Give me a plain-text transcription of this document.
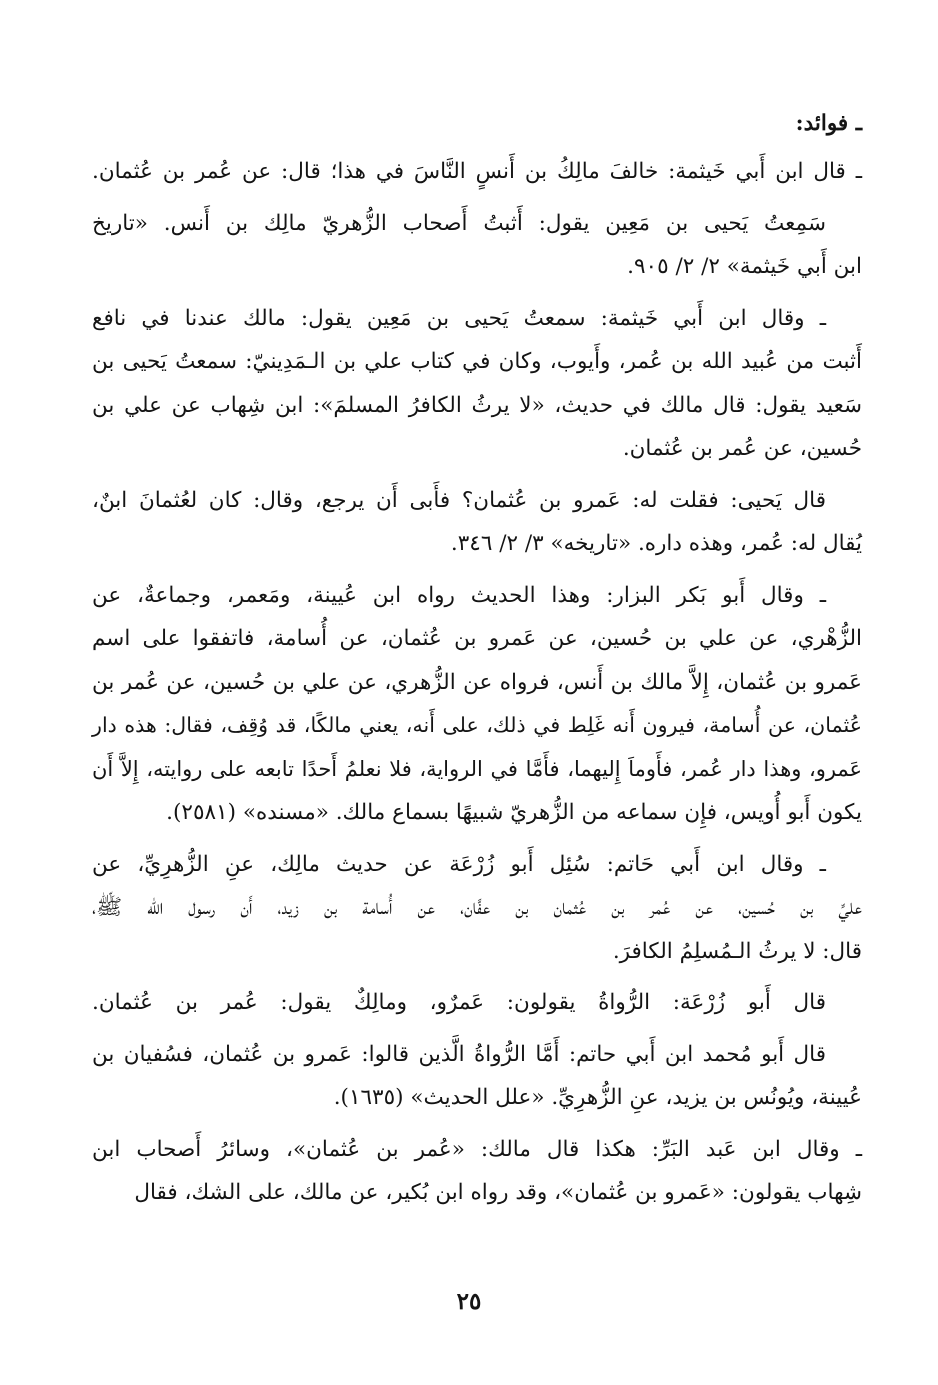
ـ فوائد:
ـ قال ابن أَبي خَيثمة: خالفَ مالِكُ بن أَنسٍ النَّاسَ في هذا؛ قال: عن عُمر بن عُثمان.
سَمِعتُ يَحيى بن مَعِين يقول: أَثبتُ أَصحاب الزُّهريّ مالِك بن أَنس. «تاريخ
ابن أَبي خَيثمة» ٢/ ٢/ ٩٠٥.
ـ وقال ابن أَبي خَيثمة: سمعتُ يَحيى بن مَعِين يقول: مالك عندنا في نافع
أَثبت من عُبيد الله بن عُمر، وأَيوب، وكان في كتاب علي بن الـمَدِينيّ: سمعتُ يَحيى بن
سَعيد يقول: قال مالك في حديث، «لا يرثُ الكافرُ المسلمَ»: ابن شِهاب عن علي بن
حُسين، عن عُمر بن عُثمان.
قال يَحيى: فقلت له: عَمرو بن عُثمان؟ فأَبى أَن يرجع، وقال: كان لعُثمانَ ابنٌ،
يُقال له: عُمر، وهذه داره. «تاريخه» ٣/ ٢/ ٣٤٦.
ـ وقال أَبو بَكر البزار: وهذا الحديث رواه ابن عُيينة، ومَعمر، وجماعةٌ، عن
الزُّهْري، عن علي بن حُسين، عن عَمرو بن عُثمان، عن أُسامة، فاتفقوا على اسم
عَمرو بن عُثمان، إِلاَّ مالك بن أَنس، فرواه عن الزُّهري، عن علي بن حُسين، عن عُمر بن
عُثمان، عن أُسامة، فيرون أَنه غَلِط في ذلك، على أَنه، يعني مالكًا، قد وُقِف، فقال: هذه دار
عَمرو، وهذا دار عُمر، فأَوماَ إِليهما، فأَمَّا في الرواية، فلا نعلمُ أَحدًا تابعه على روايته، إِلاَّ أَن
يكون أَبو أُويس، فإِن سماعه من الزُّهريّ شبيهًا بسماع مالك. «مسنده» (٢٥٨١).
ـ وقال ابن أَبي حَاتم: سُئِل أَبو زُرْعَة عن حديث مالِك، عنِ الزُّهرِيِّ، عن
عليِّ بن حُسين، عن عُمر بن عُثمان بن عفَّان، عن أُسامة بن زيد، أَن رسول الله ﷺ،
قال: لا يرثُ الـمُسلِمُ الكافرَ.
قال أَبو زُرْعَة: الرُّواةُ يقولون: عَمرٌو، ومالِكٌ يقول: عُمر بن عُثمان.
قال أَبو مُحمد ابن أَبي حاتم: أَمَّا الرُّواةُ الَّذين قالوا: عَمرو بن عُثمان، فسُفيان بن
عُيينة، ويُونُس بن يزيد، عنِ الزُّهرِيِّ. «علل الحديث» (١٦٣٥).
ـ وقال ابن عَبد البَرِّ: هكذا قال مالك: «عُمر بن عُثمان»، وسائرُ أَصحاب ابن
شِهاب يقولون: «عَمرو بن عُثمان»، وقد رواه ابن بُكير، عن مالك، على الشك، فقال
٢٥
